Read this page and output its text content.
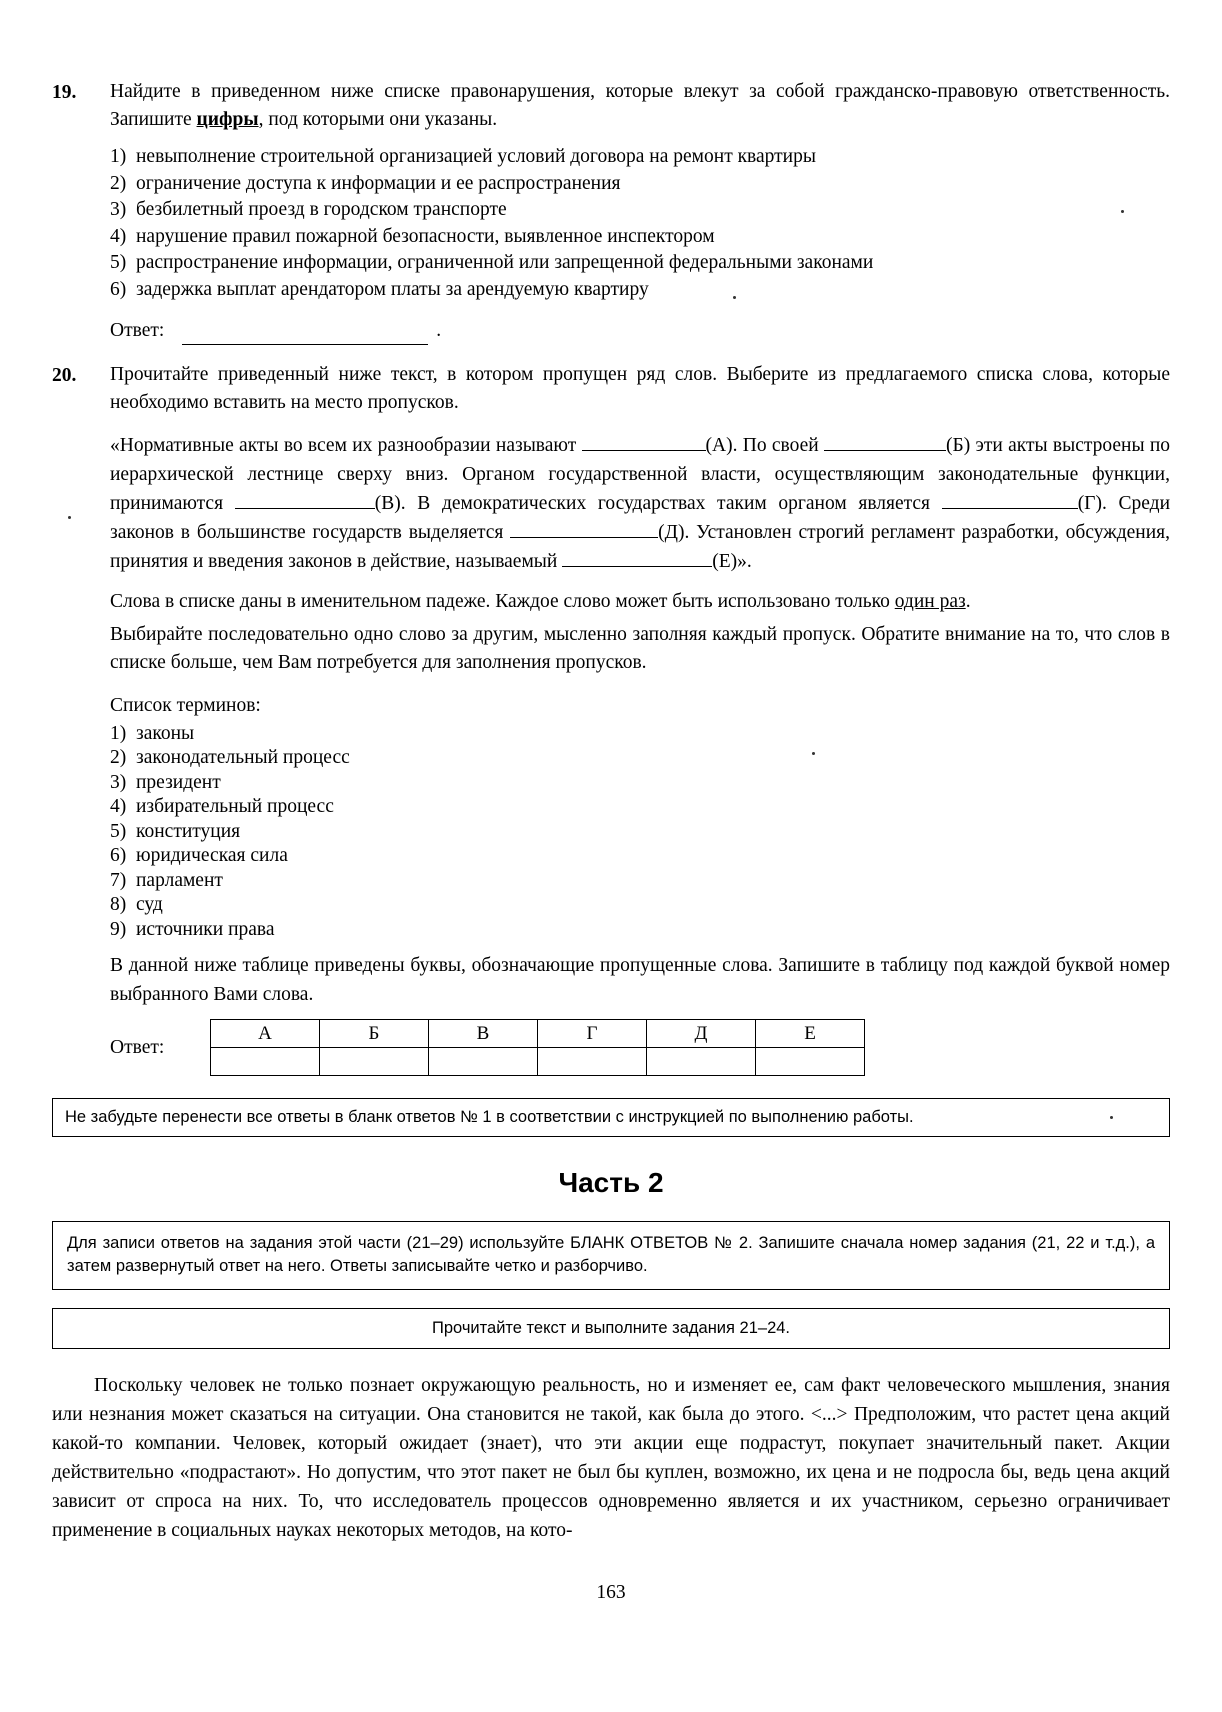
19.	Найдите в приведенном ниже списке правонарушения, которые влекут за собой гражданско-правовую ответственность. Запишите цифры, под которыми они указаны.
1) невыполнение строительной организацией условий договора на ремонт квартиры
2) ограничение доступа к информации и ее распространения
3) безбилетный проезд в городском транспорте
4) нарушение правил пожарной безопасности, выявленное инспектором
5) распространение информации, ограниченной или запрещенной федеральными законами
6) задержка выплат арендатором платы за арендуемую квартиру
Ответ:	.
20.	Прочитайте приведенный ниже текст, в котором пропущен ряд слов. Выберите из предлагаемого списка слова, которые необходимо вставить на место пропусков.
«Нормативные акты во всем их разнообразии называют	(А). По своей	(Б) эти акты выстроены по иерархической лестнице сверху вниз. Органом государственной власти, осуществляющим законодательные функции, принимаются	(В). В демократических государствах таким органом является	(Г). Среди законов в большинстве государств выделяется	(Д). Установлен строгий регламент разработки, обсуждения, принятия и введения законов в действие, называемый	(Е)».
Слова в списке даны в именительном падеже. Каждое слово может быть использовано только один раз.
Выбирайте последовательно одно слово за другим, мысленно заполняя каждый пропуск. Обратите внимание на то, что слов в списке больше, чем Вам потребуется для заполнения пропусков.
Список терминов:
1) законы
2) законодательный процесс
3) президент
4) избирательный процесс
5) конституция
6) юридическая сила
7) парламент
8) суд
9) источники права
В данной ниже таблице приведены буквы, обозначающие пропущенные слова. Запишите в таблицу под каждой буквой номер выбранного Вами слова.
Ответ:
А	Б	В	Г	Д	Е

Не забудьте перенести все ответы в бланк ответов № 1 в соответствии с инструкцией по выполнению работы.
Часть 2
Для записи ответов на задания этой части (21–29) используйте БЛАНК ОТВЕТОВ № 2. Запишите сначала номер задания (21, 22 и т.д.), а затем развернутый ответ на него. Ответы записывайте четко и разборчиво.
Прочитайте текст и выполните задания 21–24.
Поскольку человек не только познает окружающую реальность, но и изменяет ее, сам факт человеческого мышления, знания или незнания может сказаться на ситуации. Она становится не такой, как была до этого. <...> Предположим, что растет цена акций какой-то компании. Человек, который ожидает (знает), что эти акции еще подрастут, покупает значительный пакет. Акции действительно «подрастают». Но допустим, что этот пакет не был бы куплен, возможно, их цена и не подросла бы, ведь цена акций зависит от спроса на них. То, что исследователь процессов одновременно является и их участником, серьезно ограничивает применение в социальных науках некоторых методов, на кото-
163
